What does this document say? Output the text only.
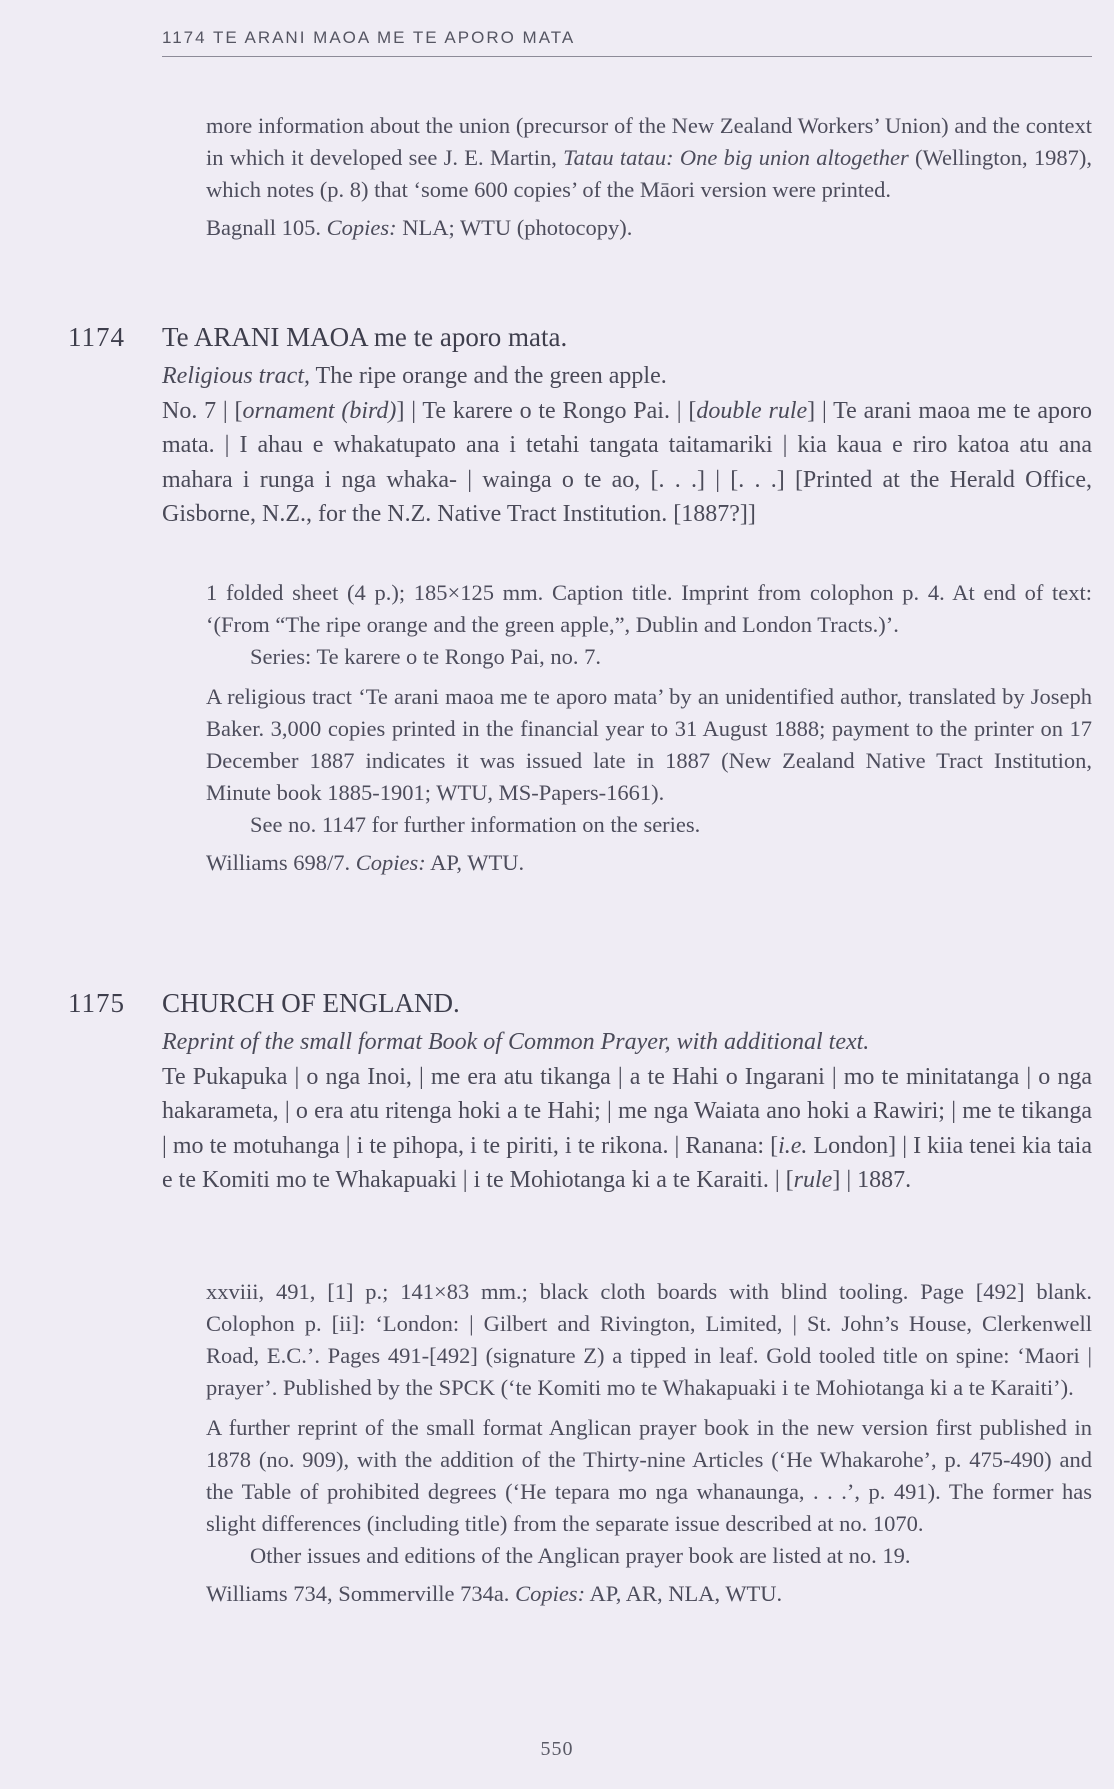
1174 TE ARANI MAOA ME TE APORO MATA

more information about the union (precursor of the New Zealand Workers’ Union) and the context in which it developed see J. E. Martin, Tatau tatau: One big union altogether (Wellington, 1987), which notes (p. 8) that ‘some 600 copies’ of the Māori version were printed.

Bagnall 105. Copies: NLA; WTU (photocopy).

1174 Te ARANI MAOA me te aporo mata.

Religious tract, The ripe orange and the green apple.

No. 7 | [ornament (bird)] | Te karere o te Rongo Pai. | [double rule] | Te arani maoa me te aporo mata. | I ahau e whakatupato ana i tetahi tangata taitamariki | kia kaua e riro katoa atu ana mahara i runga i nga whaka- | wainga o te ao, [. . .] | [. . .] [Printed at the Herald Office, Gisborne, N.Z., for the N.Z. Native Tract Institution. [1887?]]

1 folded sheet (4 p.); 185×125 mm. Caption title. Imprint from colophon p. 4. At end of text: ‘(From “The ripe orange and the green apple,”, Dublin and London Tracts.)’.

Series: Te karere o te Rongo Pai, no. 7.

A religious tract ‘Te arani maoa me te aporo mata’ by an unidentified author, translated by Joseph Baker. 3,000 copies printed in the financial year to 31 August 1888; payment to the printer on 17 December 1887 indicates it was issued late in 1887 (New Zealand Native Tract Institution, Minute book 1885-1901; WTU, MS-Papers-1661).

See no. 1147 for further information on the series.

Williams 698/7. Copies: AP, WTU.

1175 CHURCH OF ENGLAND.

Reprint of the small format Book of Common Prayer, with additional text.

Te Pukapuka | o nga Inoi, | me era atu tikanga | a te Hahi o Ingarani | mo te minitatanga | o nga hakarameta, | o era atu ritenga hoki a te Hahi; | me nga Waiata ano hoki a Rawiri; | me te tikanga | mo te motuhanga | i te pihopa, i te piriti, i te rikona. | Ranana: [i.e. London] | I kiia tenei kia taia e te Komiti mo te Whakapuaki | i te Mohiotanga ki a te Karaiti. | [rule] | 1887.

xxviii, 491, [1] p.; 141×83 mm.; black cloth boards with blind tooling. Page [492] blank. Colophon p. [ii]: ‘London: | Gilbert and Rivington, Limited, | St. John’s House, Clerkenwell Road, E.C.’. Pages 491-[492] (signature Z) a tipped in leaf. Gold tooled title on spine: ‘Maori | prayer’. Published by the SPCK (‘te Komiti mo te Whakapuaki i te Mohiotanga ki a te Karaiti’).

A further reprint of the small format Anglican prayer book in the new version first published in 1878 (no. 909), with the addition of the Thirty-nine Articles (‘He Whakarohe’, p. 475-490) and the Table of prohibited degrees (‘He tepara mo nga whanaunga, . . .’, p. 491). The former has slight differences (including title) from the separate issue described at no. 1070.

Other issues and editions of the Anglican prayer book are listed at no. 19.

Williams 734, Sommerville 734a. Copies: AP, AR, NLA, WTU.

550
